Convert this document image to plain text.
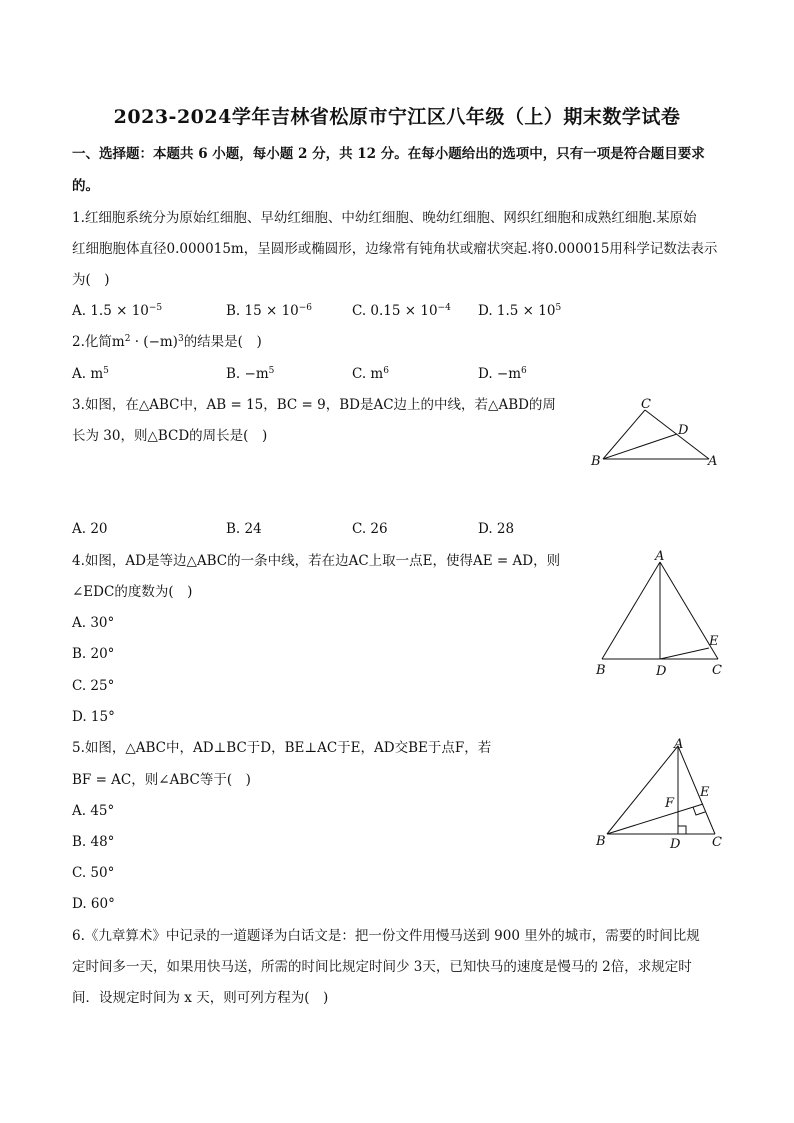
2023-2024学年吉林省松原市宁江区八年级（上）期末数学试卷
一、选择题：本题共 6 小题，每小题 2 分，共 12 分。在每小题给出的选项中，只有一项是符合题目要求
的。
1.红细胞系统分为原始红细胞、早幼红细胞、中幼红细胞、晚幼红细胞、网织红细胞和成熟红细胞.某原始
红细胞胞体直径0.000015m，呈圆形或椭圆形，边缘常有钝角状或瘤状突起.将0.000015用科学记数法表示
为(　)
A. $1.5 \times 10^{-5}$	B. $15 \times 10^{-6}$	C. $0.15 \times 10^{-4}$ D. $1.5 \times 10^5$
2.化简$m^2 \cdot (-m)^3$的结果是(　)
A. $m^5$	B. $-m^5$	C. $m^6$	D. $-m^6$
3.如图，在△ABC中，AB = 15，BC = 9，BD是AC边上的中线，若△ABD的周
长为 30，则△BCD的周长是(　)
C
D
B	A
A. 20	B. 24	C. 26	D. 28
4.如图，AD是等边△ABC的一条中线，若在边AC上取一点E，使得AE = AD，则
∠EDC的度数为(　)
A. 30°
B. 20°
C. 25°
D. 15°
A
E
B	D	C
5.如图，△ABC中，AD⊥BC于D，BE⊥AC于E，AD交BE于点F，若
BF = AC，则∠ABC等于(　)
A. 45°
B. 48°
C. 50°
D. 60°
A
E
F
B	D C
6.《九章算术》中记录的一道题译为白话文是：把一份文件用慢马送到 900 里外的城市，需要的时间比规
定时间多一天，如果用快马送，所需的时间比规定时间少 3天，已知快马的速度是慢马的 2倍，求规定时
间．设规定时间为 x 天，则可列方程为(　)
